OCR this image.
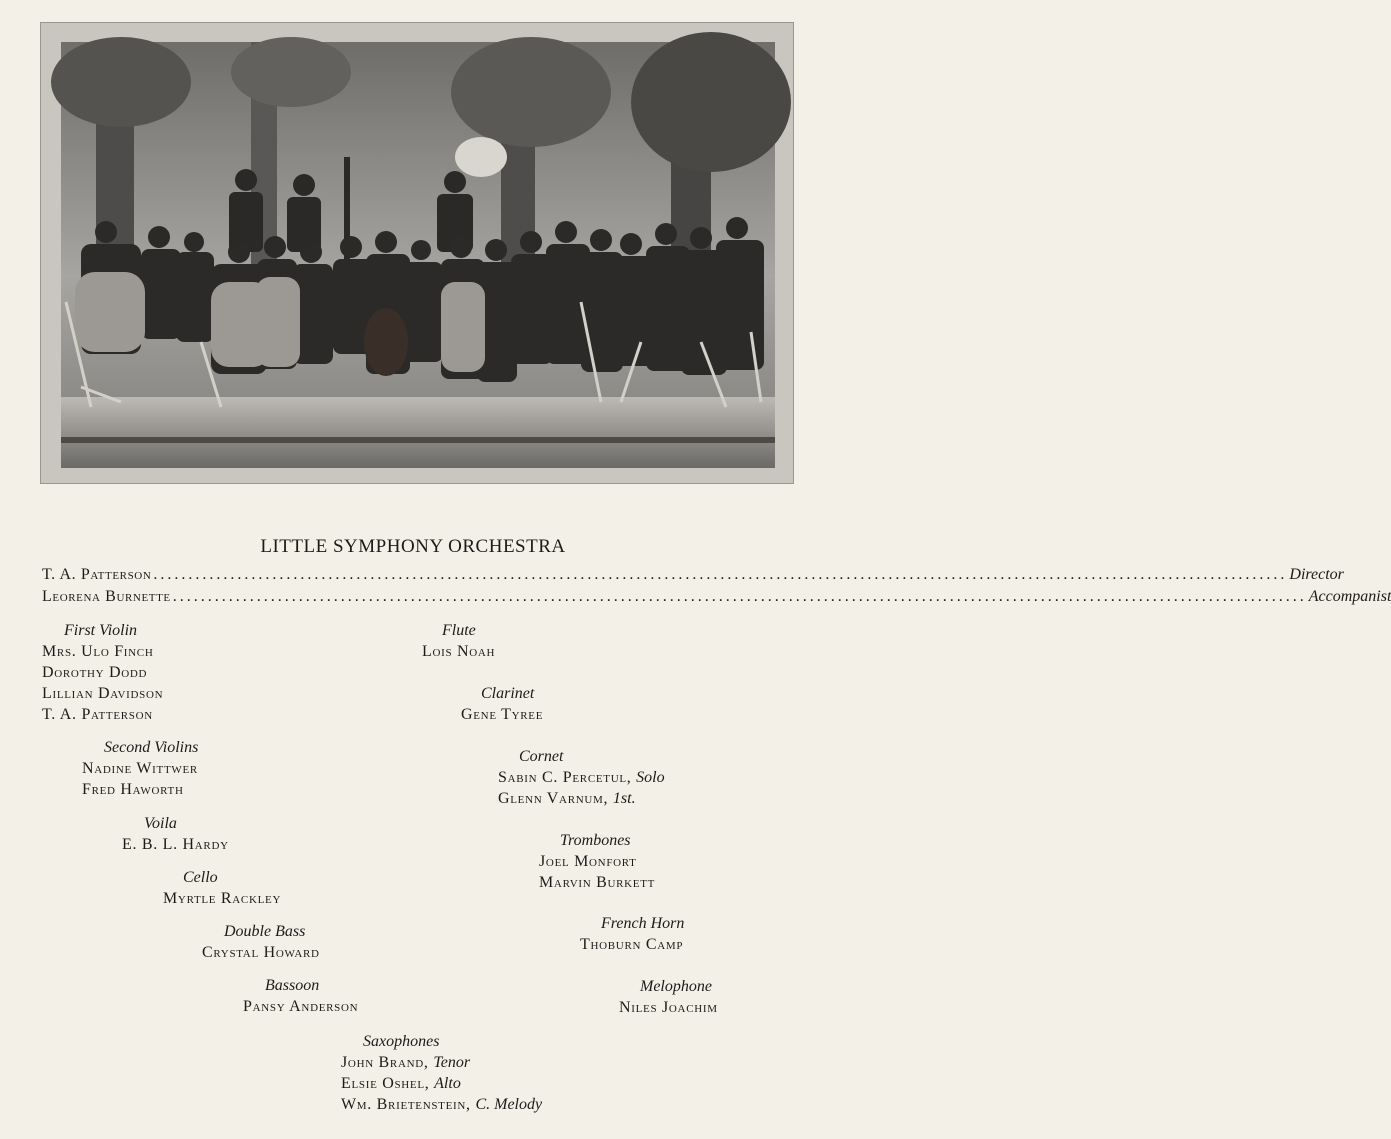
LITTLE SYMPHONY ORCHESTRA
T. A. Patterson .................................................................................................................................................................. Director
Leorena Burnette .................................................................................................................................................................. Accompanist
First Violin
Mrs. Ulo Finch
Dorothy Dodd
Lillian Davidson
T. A. Patterson
Second Violins
Nadine Wittwer
Fred Haworth
Voila
E. B. L. Hardy
Cello
Myrtle Rackley
Double Bass
Crystal Howard
Bassoon
Pansy Anderson
Saxophones
John Brand, Tenor
Elsie Oshel, Alto
Wm. Brietenstein, C. Melody
Flute
Lois Noah
Clarinet
Gene Tyree
Cornet
Sabin C. Percetul, Solo
Glenn Varnum, 1st.
Trombones
Joel Monfort
Marvin Burkett
French Horn
Thoburn Camp
Melophone
Niles Joachim
